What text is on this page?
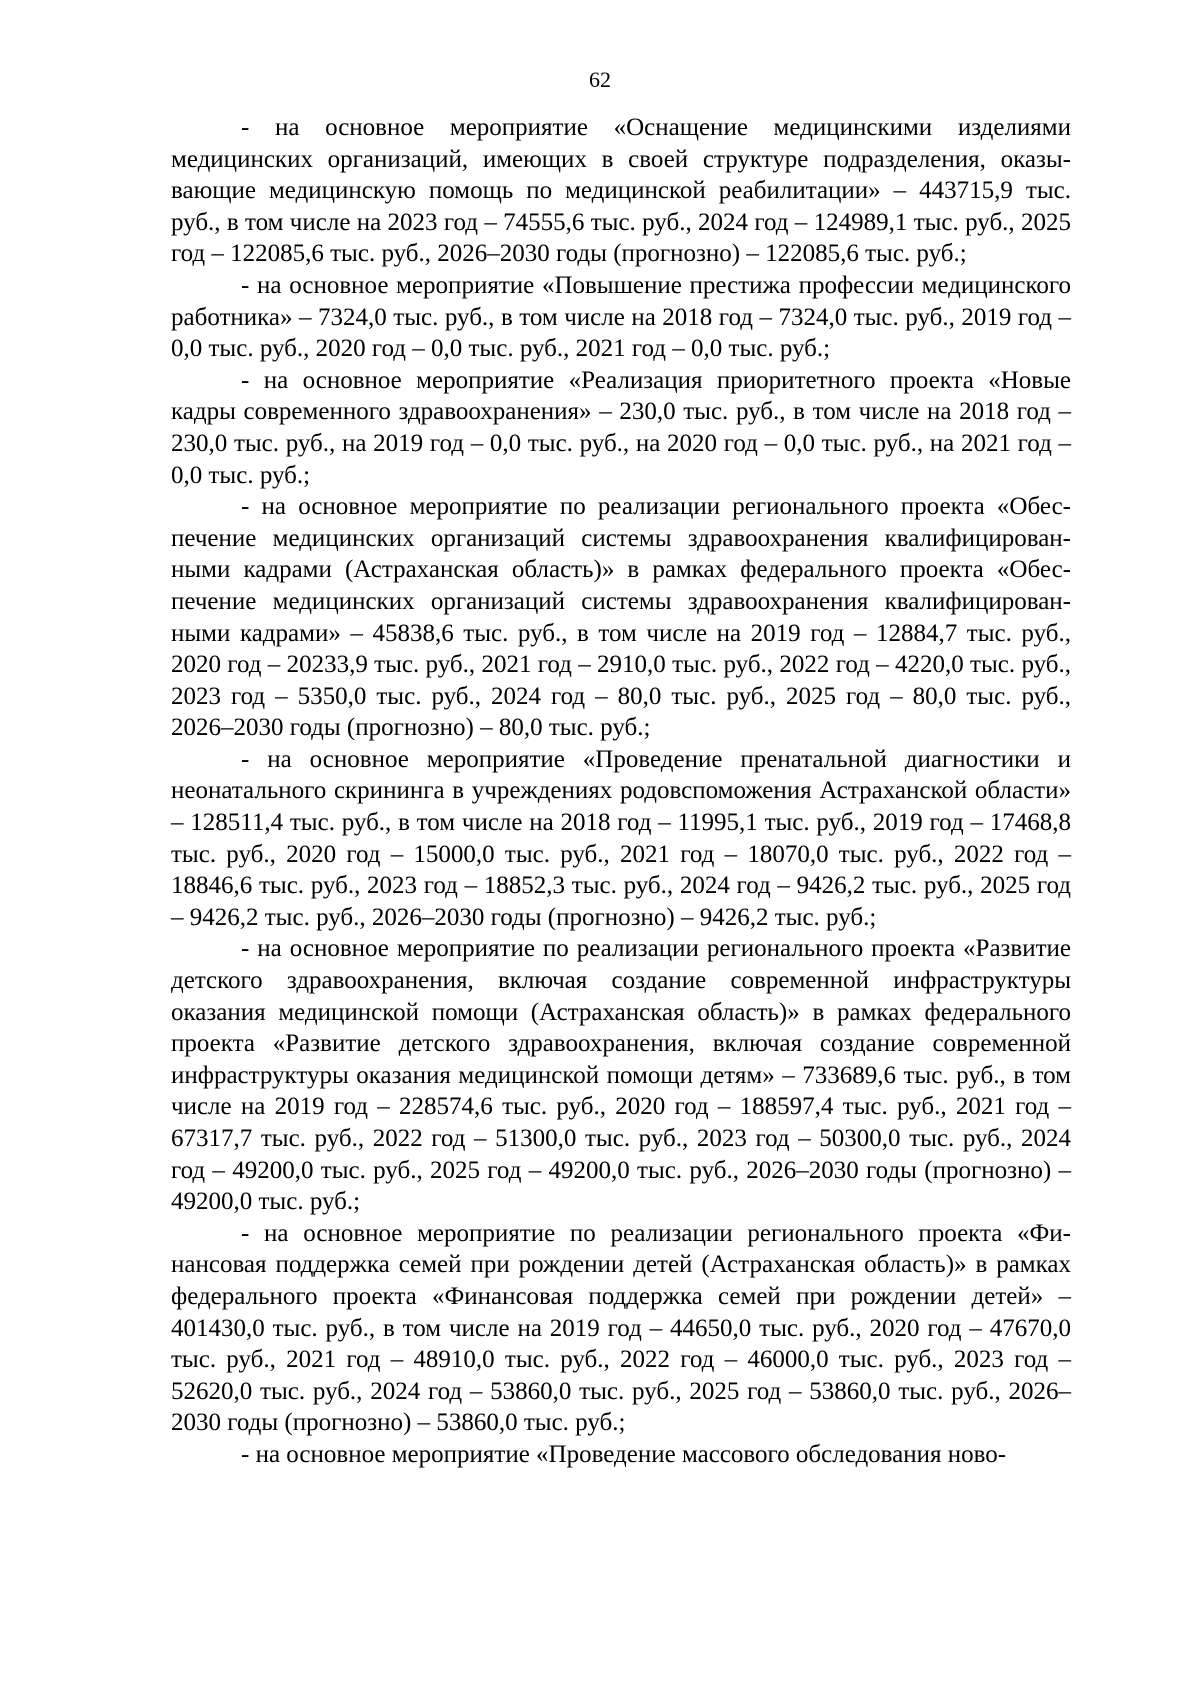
62

- на основное мероприятие «Оснащение медицинскими изделиями медицинских организаций, имеющих в своей структуре подразделения, оказывающие медицинскую помощь по медицинской реабилитации» – 443715,9 тыс. руб., в том числе на 2023 год – 74555,6 тыс. руб., 2024 год – 124989,1 тыс. руб., 2025 год – 122085,6 тыс. руб., 2026–2030 годы (прогнозно) – 122085,6 тыс. руб.;

- на основное мероприятие «Повышение престижа профессии медицинского работника» – 7324,0 тыс. руб., в том числе на 2018 год – 7324,0 тыс. руб., 2019 год – 0,0 тыс. руб., 2020 год – 0,0 тыс. руб., 2021 год – 0,0 тыс. руб.;

- на основное мероприятие «Реализация приоритетного проекта «Новые кадры современного здравоохранения» – 230,0 тыс. руб., в том числе на 2018 год – 230,0 тыс. руб., на 2019 год – 0,0 тыс. руб., на 2020 год – 0,0 тыс. руб., на 2021 год – 0,0 тыс. руб.;

- на основное мероприятие по реализации регионального проекта «Обеспечение медицинских организаций системы здравоохранения квалифицированными кадрами (Астраханская область)» в рамках федерального проекта «Обеспечение медицинских организаций системы здравоохранения квалифицированными кадрами» – 45838,6 тыс. руб., в том числе на 2019 год – 12884,7 тыс. руб., 2020 год – 20233,9 тыс. руб., 2021 год – 2910,0 тыс. руб., 2022 год – 4220,0 тыс. руб., 2023 год – 5350,0 тыс. руб., 2024 год – 80,0 тыс. руб., 2025 год – 80,0 тыс. руб., 2026–2030 годы (прогнозно) – 80,0 тыс. руб.;

- на основное мероприятие «Проведение пренатальной диагностики и неонатального скрининга в учреждениях родовспоможения Астраханской области» – 128511,4 тыс. руб., в том числе на 2018 год – 11995,1 тыс. руб., 2019 год – 17468,8 тыс. руб., 2020 год – 15000,0 тыс. руб., 2021 год – 18070,0 тыс. руб., 2022 год – 18846,6 тыс. руб., 2023 год – 18852,3 тыс. руб., 2024 год – 9426,2 тыс. руб., 2025 год – 9426,2 тыс. руб., 2026–2030 годы (прогнозно) – 9426,2 тыс. руб.;

- на основное мероприятие по реализации регионального проекта «Развитие детского здравоохранения, включая создание современной инфраструктуры оказания медицинской помощи (Астраханская область)» в рамках федерального проекта «Развитие детского здравоохранения, включая создание современной инфраструктуры оказания медицинской помощи детям» – 733689,6 тыс. руб., в том числе на 2019 год – 228574,6 тыс. руб., 2020 год – 188597,4 тыс. руб., 2021 год – 67317,7 тыс. руб., 2022 год – 51300,0 тыс. руб., 2023 год – 50300,0 тыс. руб., 2024 год – 49200,0 тыс. руб., 2025 год – 49200,0 тыс. руб., 2026–2030 годы (прогнозно) – 49200,0 тыс. руб.;

- на основное мероприятие по реализации регионального проекта «Финансовая поддержка семей при рождении детей (Астраханская область)» в рамках федерального проекта «Финансовая поддержка семей при рождении детей» – 401430,0 тыс. руб., в том числе на 2019 год – 44650,0 тыс. руб., 2020 год – 47670,0 тыс. руб., 2021 год – 48910,0 тыс. руб., 2022 год – 46000,0 тыс. руб., 2023 год – 52620,0 тыс. руб., 2024 год – 53860,0 тыс. руб., 2025 год – 53860,0 тыс. руб., 2026–2030 годы (прогнозно) – 53860,0 тыс. руб.;

- на основное мероприятие «Проведение массового обследования ново-
